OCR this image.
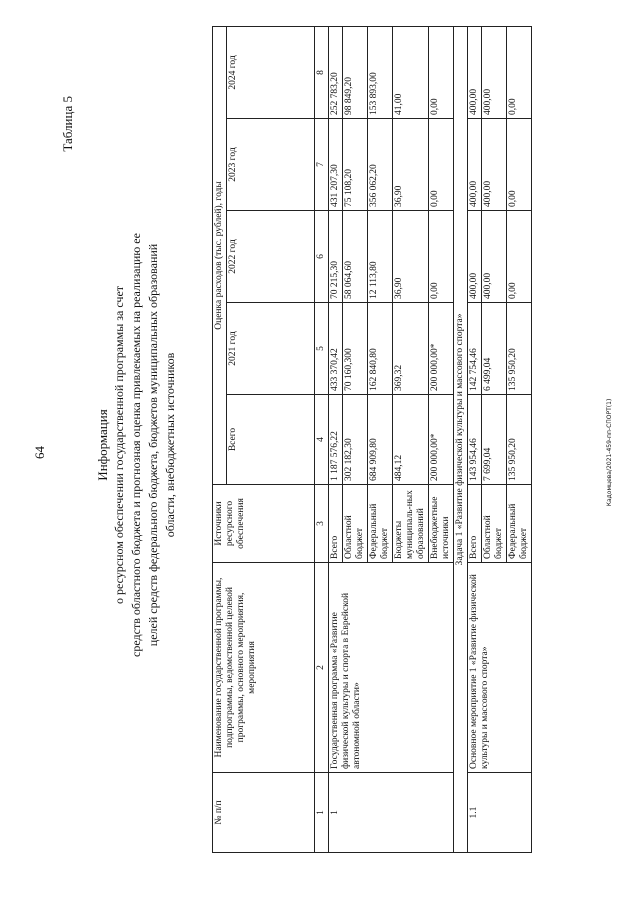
64
Таблица 5
Информация о ресурсном обеспечении государственной программы за счет средств областного бюджета и прогнозная оценка привлекаемых на реализацию ее целей средств федерального бюджета, бюджетов муниципальных образований области, внебюджетных источников
№ п/п	Наименование государственной программы, подпрограммы, ведомственной целевой программы, основного мероприятия, мероприятия	Источники ресурсного обеспечения	Оценка расходов (тыс. рублей), годы				
			Всего	2021 год	2022 год	2023 год	2024 год
1	2	3	4	5	6	7	8
1	Государственная программа «Развитие физической культуры и спорта в Еврейской автономной области»	Всего	1 187 576,22	433 370,42	70 215,30	431 207,30	252 783,20
		Областной бюджет	302 182,30	70 160,300	58 064,60	75 108,20	98 849,20
		Федеральный бюджет	684 909,80	162 840,80	12 113,80	356 062,20	153 893,00
		Бюджеты муниципаль-ных образований	484,12	369,32	36,90	36,90	41,00
		Внебюджетные источники	200 000,00*	200 000,00*	0,00	0,00	0,00
Задача 1 «Развитие физической культуры и массового спорта»							
1.1	Основное мероприятие 1 «Развитие физической культуры и массового спорта»	Всего	143 954,46	142 754,46	400,00	400,00	400,00
		Областной бюджет	7 699,04	6 499,04	400,00	400,00	400,00
		Федеральный бюджет	135 950,20	135 950,20	0,00	0,00	0,00
Кадомцева/2021-459-пп-СПОРТ(1)
